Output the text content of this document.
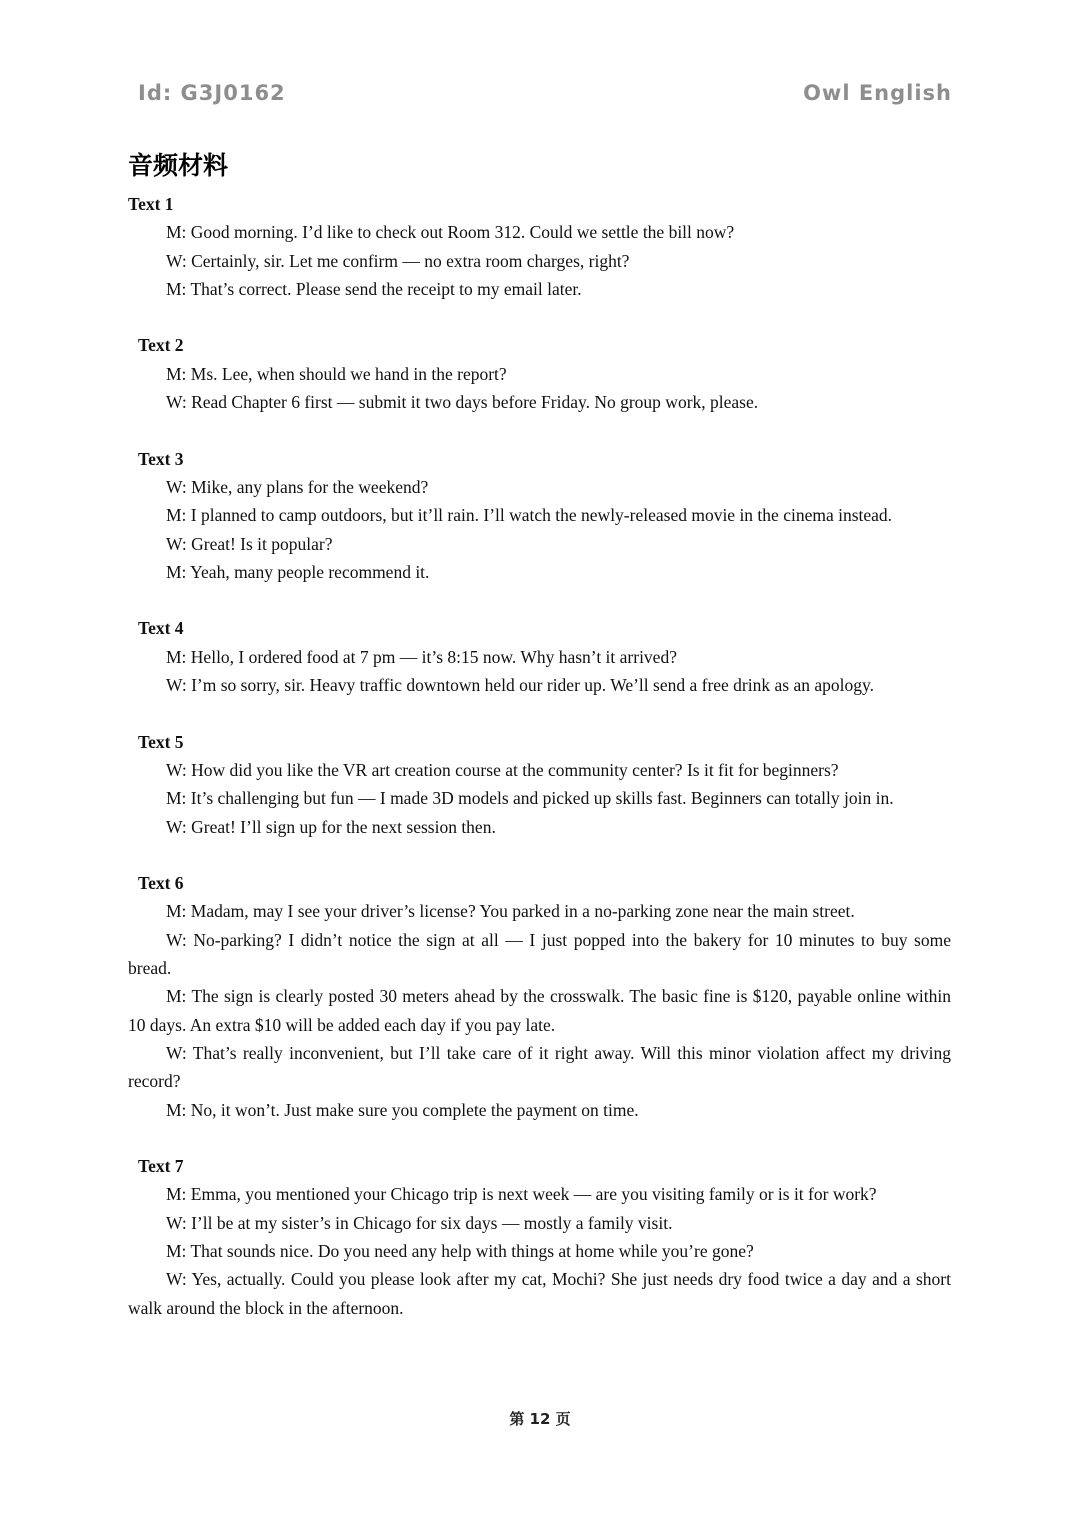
Id: G3J0162	Owl English
音频材料

Text 1

M: Good morning. I’d like to check out Room 312. Could we settle the bill now?

W: Certainly, sir. Let me confirm — no extra room charges, right?

M: That’s correct. Please send the receipt to my email later.

Text 2

M: Ms. Lee, when should we hand in the report?

W: Read Chapter 6 first — submit it two days before Friday. No group work, please.

Text 3

W: Mike, any plans for the weekend?

M: I planned to camp outdoors, but it’ll rain. I’ll watch the newly-released movie in the cinema instead.

W: Great! Is it popular?

M: Yeah, many people recommend it.

Text 4

M: Hello, I ordered food at 7 pm — it’s 8:15 now. Why hasn’t it arrived?

W: I’m so sorry, sir. Heavy traffic downtown held our rider up. We’ll send a free drink as an apology.

Text 5

W: How did you like the VR art creation course at the community center? Is it fit for beginners?

M: It’s challenging but fun — I made 3D models and picked up skills fast. Beginners can totally join in.

W: Great! I’ll sign up for the next session then.

Text 6

M: Madam, may I see your driver’s license? You parked in a no-parking zone near the main street.

W: No-parking? I didn’t notice the sign at all — I just popped into the bakery for 10 minutes to buy some bread.

M: The sign is clearly posted 30 meters ahead by the crosswalk. The basic fine is $120, payable online within 10 days. An extra $10 will be added each day if you pay late.

W: That’s really inconvenient, but I’ll take care of it right away. Will this minor violation affect my driving record?

M: No, it won’t. Just make sure you complete the payment on time.

Text 7

M: Emma, you mentioned your Chicago trip is next week — are you visiting family or is it for work?

W: I’ll be at my sister’s in Chicago for six days — mostly a family visit.

M: That sounds nice. Do you need any help with things at home while you’re gone?

W: Yes, actually. Could you please look after my cat, Mochi? She just needs dry food twice a day and a short walk around the block in the afternoon.

第 12 页
